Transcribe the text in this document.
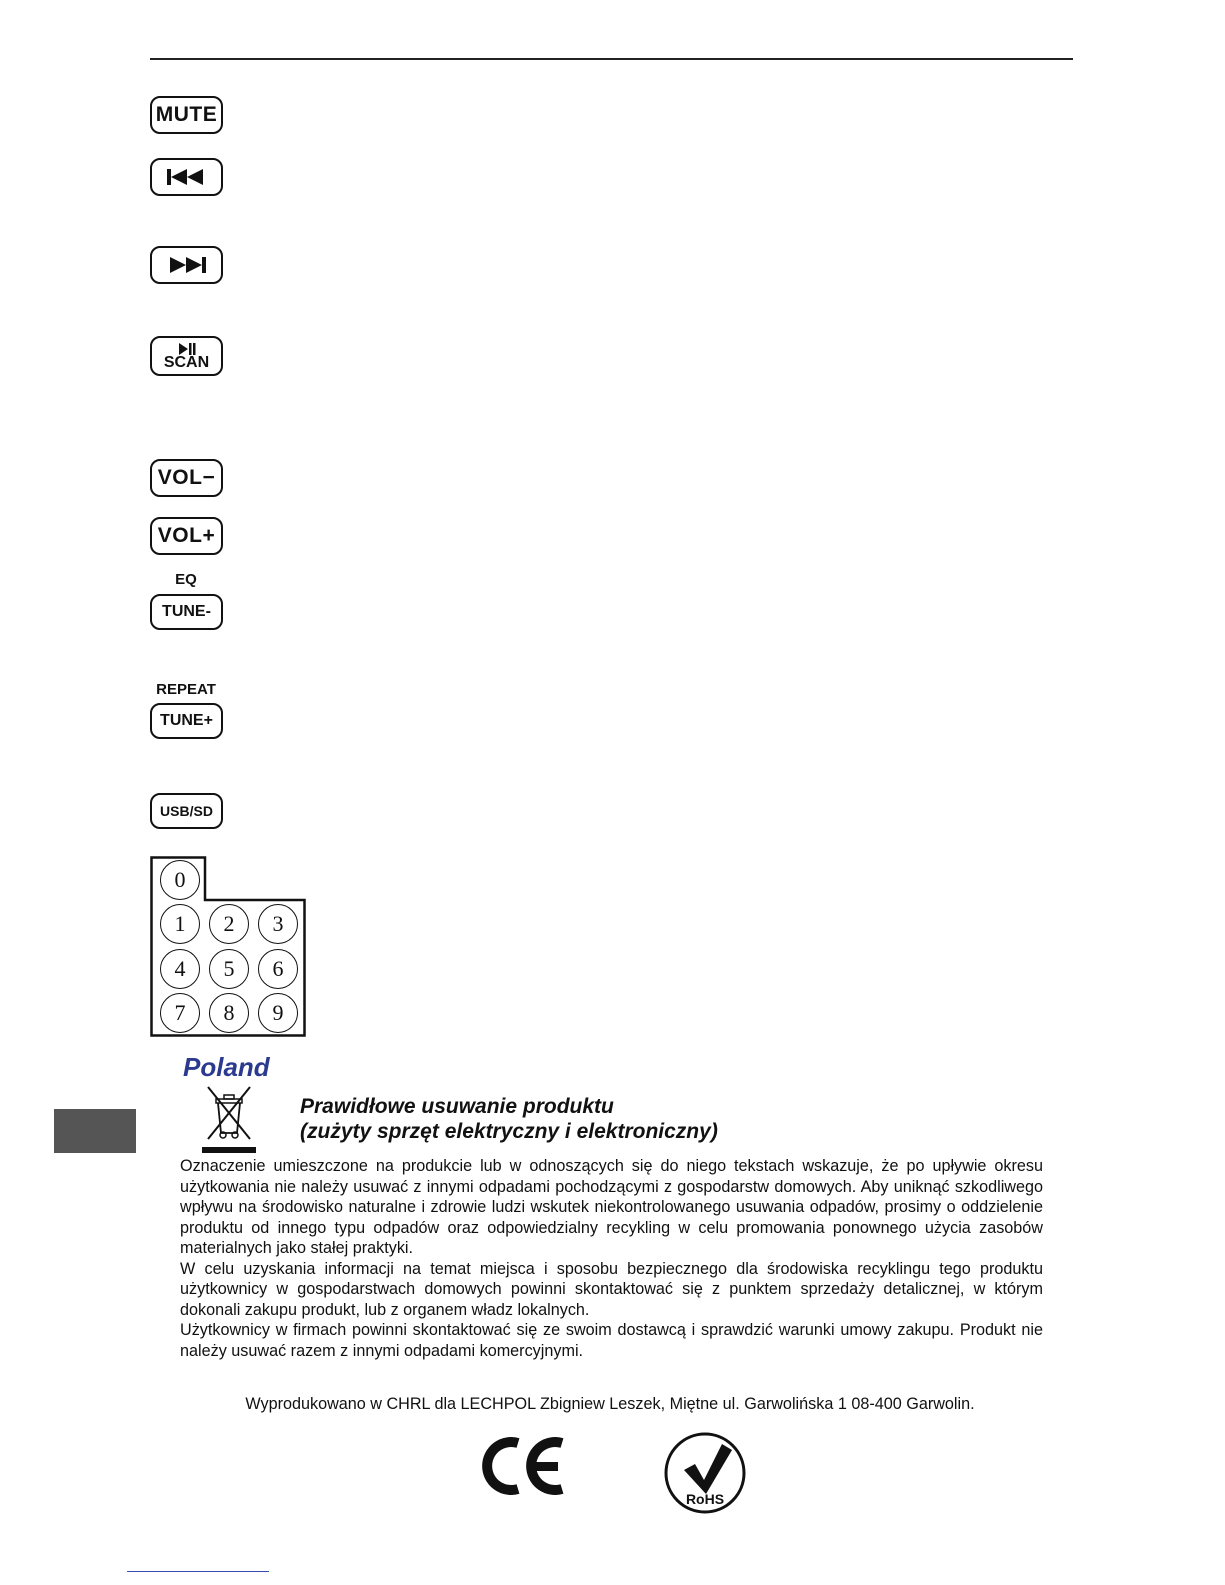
MUTE
SCAN
VOL−
VOL+
EQ
TUNE-
REPEAT
TUNE+
USB/SD
0
1 2 3
4 5 6
7 8 9
Poland
Prawidłowe usuwanie produktu
(zużyty sprzęt elektryczny i elektroniczny)

Oznaczenie umieszczone na produkcie lub w odnoszących się do niego tekstach wskazuje, że po upływie okresu użytkowania nie należy usuwać z innymi odpadami pochodzącymi z gospodarstw domowych. Aby uniknąć szkodliwego wpływu na środowisko naturalne i zdrowie ludzi wskutek niekontrolowanego usuwania odpadów, prosimy o oddzielenie produktu od innego typu odpadów oraz odpowiedzialny recykling w celu promowania ponownego użycia zasobów materialnych jako stałej praktyki.

W celu uzyskania informacji na temat miejsca i sposobu bezpiecznego dla środowiska recyklingu tego produktu użytkownicy w gospodarstwach domowych powinni skontaktować się z punktem sprzedaży detalicznej, w którym dokonali zakupu produkt, lub z organem władz lokalnych.

Użytkownicy w firmach powinni skontaktować się ze swoim dostawcą i sprawdzić warunki umowy zakupu. Produkt nie należy usuwać razem z innymi odpadami komercyjnymi.

Wyprodukowano w CHRL dla LECHPOL Zbigniew Leszek, Miętne ul. Garwolińska 1 08-400 Garwolin.
RoHS
